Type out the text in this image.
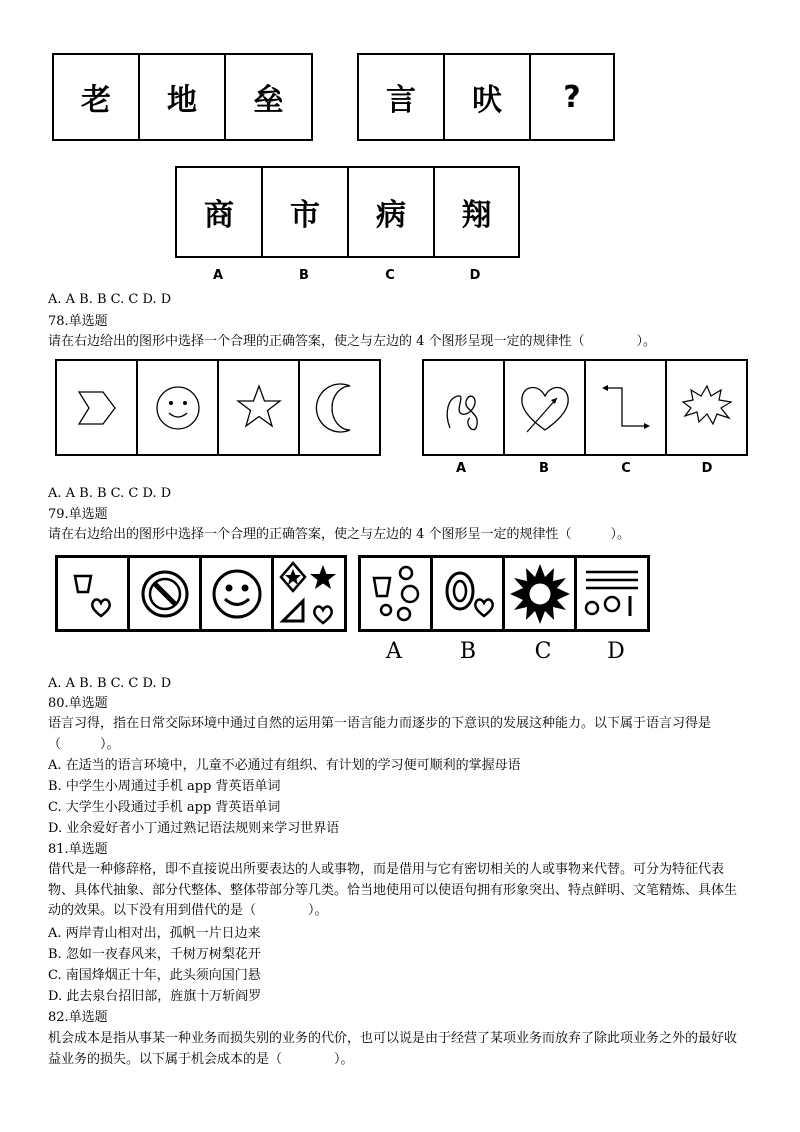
老 地 垒	言 吠 ?
商 市 病 翔
A	B	C	D
A. A B. B C. C D. D
78.单选题
请在右边给出的图形中选择一个合理的正确答案，使之与左边的 4 个图形呈现一定的规律性（　　　　）。
A	B	C	D
A. A B. B C. C D. D
79.单选题
请在右边给出的图形中选择一个合理的正确答案，使之与左边的 4 个图形呈一定的规律性（　　　）。
A	B	C	D
A. A B. B C. C D. D
80.单选题
语言习得，指在日常交际环境中通过自然的运用第一语言能力而逐步的下意识的发展这种能力。以下属于语言习得是（　　　）。
A. 在适当的语言环境中，儿童不必通过有组织、有计划的学习便可顺利的掌握母语
B. 中学生小周通过手机 app 背英语单词
C. 大学生小段通过手机 app 背英语单词
D. 业余爱好者小丁通过熟记语法规则来学习世界语
81.单选题
借代是一种修辞格，即不直接说出所要表达的人或事物，而是借用与它有密切相关的人或事物来代替。可分为特征代表物、具体代抽象、部分代整体、整体带部分等几类。恰当地使用可以使语句拥有形象突出、特点鲜明、文笔精炼、具体生动的效果。以下没有用到借代的是（　　　　）。
A. 两岸青山相对出，孤帆一片日边来
B. 忽如一夜春风来，千树万树梨花开
C. 南国烽烟正十年，此头须向国门悬
D. 此去泉台招旧部，旌旗十万斩阎罗
82.单选题
机会成本是指从事某一种业务而损失别的业务的代价，也可以说是由于经营了某项业务而放弃了除此项业务之外的最好收益业务的损失。以下属于机会成本的是（　　　　）。
